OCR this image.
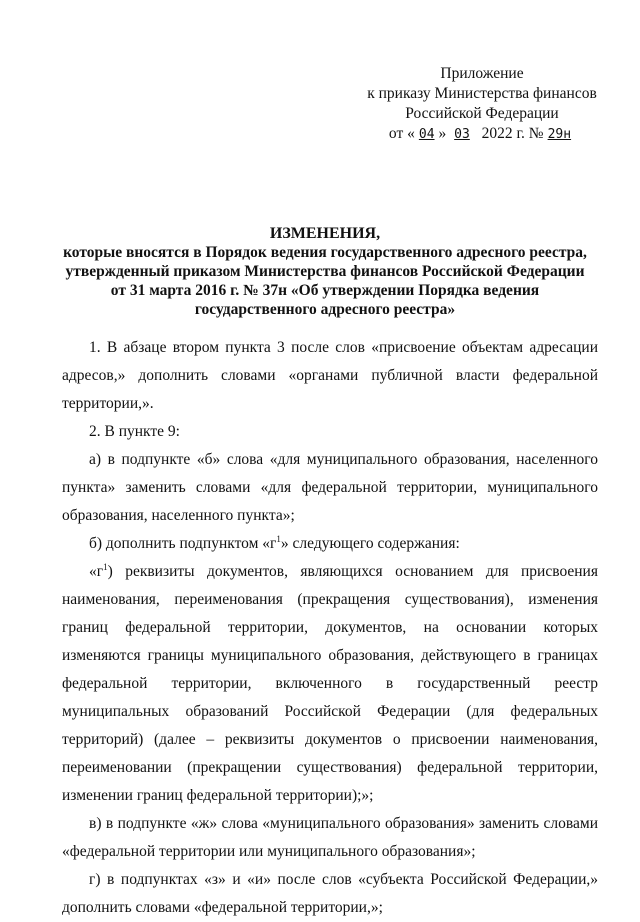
Приложение
к приказу Министерства финансов
Российской Федерации
от « 04 » 03 2022 г. № 29н
ИЗМЕНЕНИЯ,
которые вносятся в Порядок ведения государственного адресного реестра,
утвержденный приказом Министерства финансов Российской Федерации
от 31 марта 2016 г. № 37н «Об утверждении Порядка ведения
государственного адресного реестра»

1. В абзаце втором пункта 3 после слов «присвоение объектам адресации адресов,» дополнить словами «органами публичной власти федеральной территории,».

2. В пункте 9:

а) в подпункте «б» слова «для муниципального образования, населенного пункта» заменить словами «для федеральной территории, муниципального образования, населенного пункта»;

б) дополнить подпунктом «$г^1$» следующего содержания:

«$г^1$) реквизиты документов, являющихся основанием для присвоения наименования, переименования (прекращения существования), изменения границ федеральной территории, документов, на основании которых изменяются границы муниципального образования, действующего в границах федеральной территории, включенного в государственный реестр муниципальных образований Российской Федерации (для федеральных территорий) (далее – реквизиты документов о присвоении наименования, переименовании (прекращении существования) федеральной территории, изменении границ федеральной территории);»;

в) в подпункте «ж» слова «муниципального образования» заменить словами «федеральной территории или муниципального образования»;

г) в подпунктах «з» и «и» после слов «субъекта Российской Федерации,» дополнить словами «федеральной территории,»;
